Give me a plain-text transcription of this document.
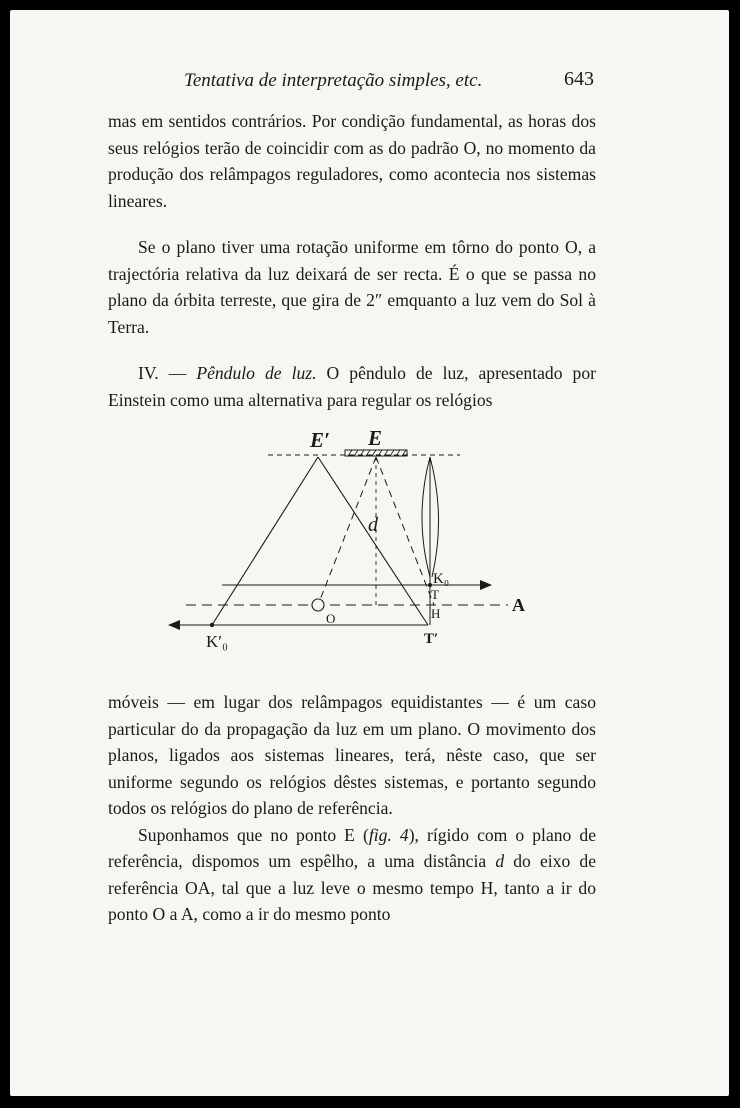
Tentativa de interpretação simples, etc.	643

mas em sentidos contrários. Por condição fundamental, as horas dos seus relógios terão de coincidir com as do padrão O, no momento da produção dos relâmpagos reguladores, como acontecia nos sistemas lineares.

Se o plano tiver uma rotação uniforme em tôrno do ponto O, a trajectória relativa da luz deixará de ser recta. É o que se passa no plano da órbita terreste, que gira de 2″ emquanto a luz vem do Sol à Terra.

IV. — Pêndulo de luz. O pêndulo de luz, apresentado por Einstein como uma alternativa para regular os relógios

E′ E
d
K₀
T
H	A
O
K′₀	T′

móveis — em lugar dos relâmpagos equidistantes — é um caso particular do da propagação da luz em um plano. O movimento dos planos, ligados aos sistemas lineares, terá, nêste caso, que ser uniforme segundo os relógios dêstes sistemas, e portanto segundo todos os relógios do plano de referência.

Suponhamos que no ponto E (fig. 4), rígido com o plano de referência, dispomos um espêlho, a uma distância d do eixo de referência OA, tal que a luz leve o mesmo tempo H, tanto a ir do ponto O a A, como a ir do mesmo ponto
